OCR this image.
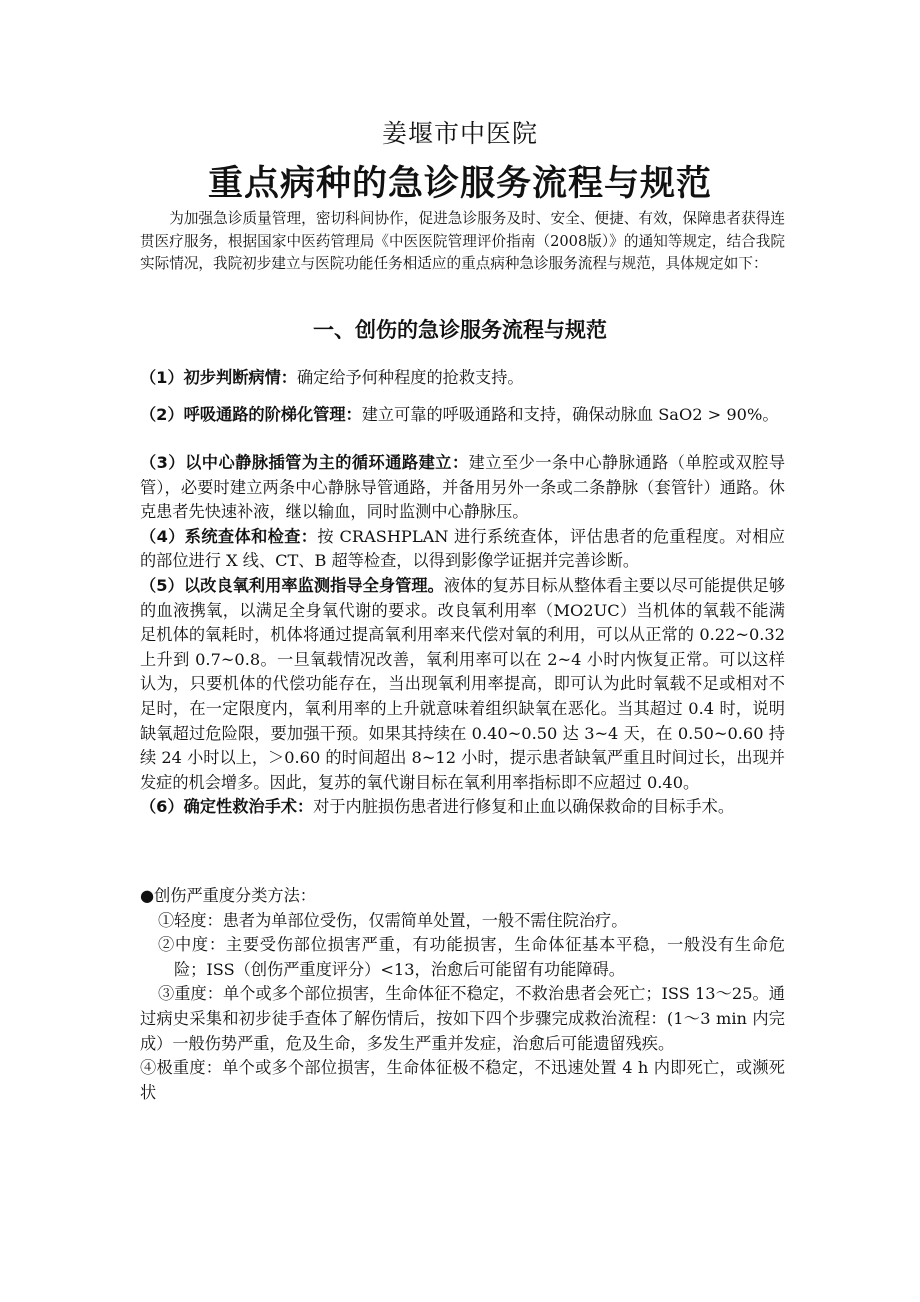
姜堰市中医院
重点病种的急诊服务流程与规范

为加强急诊质量管理，密切科间协作，促进急诊服务及时、安全、便捷、有效，保障患者获得连贯医疗服务，根据国家中医药管理局《中医医院管理评价指南（2008版）》的通知等规定，结合我院实际情况，我院初步建立与医院功能任务相适应的重点病种急诊服务流程与规范，具体规定如下：

一、创伤的急诊服务流程与规范

（1）初步判断病情：确定给予何种程度的抢救支持。

（2）呼吸通路的阶梯化管理：建立可靠的呼吸通路和支持，确保动脉血 SaO2 > 90%。

（3）以中心静脉插管为主的循环通路建立：建立至少一条中心静脉通路（单腔或双腔导管），必要时建立两条中心静脉导管通路，并备用另外一条或二条静脉（套管针）通路。休克患者先快速补液，继以输血，同时监测中心静脉压。

（4）系统查体和检查：按 CRASHPLAN 进行系统查体，评估患者的危重程度。对相应的部位进行 X 线、CT、B 超等检查，以得到影像学证据并完善诊断。

（5）以改良氧利用率监测指导全身管理。液体的复苏目标从整体看主要以尽可能提供足够的血液携氧，以满足全身氧代谢的要求。改良氧利用率（MO2UC）当机体的氧载不能满足机体的氧耗时，机体将通过提高氧利用率来代偿对氧的利用，可以从正常的 0.22~0.32 上升到 0.7~0.8。一旦氧载情况改善，氧利用率可以在 2~4 小时内恢复正常。可以这样认为，只要机体的代偿功能存在，当出现氧利用率提高，即可认为此时氧载不足或相对不足时，在一定限度内，氧利用率的上升就意味着组织缺氧在恶化。当其超过 0.4 时，说明缺氧超过危险限，要加强干预。如果其持续在 0.40~0.50 达 3~4 天，在 0.50~0.60 持续 24 小时以上，＞0.60 的时间超出 8~12 小时，提示患者缺氧严重且时间过长，出现并发症的机会增多。因此，复苏的氧代谢目标在氧利用率指标即不应超过 0.40。

（6）确定性救治手术：对于内脏损伤患者进行修复和止血以确保救命的目标手术。

●创伤严重度分类方法：

①轻度：患者为单部位受伤，仅需简单处置，一般不需住院治疗。

②中度：主要受伤部位损害严重，有功能损害，生命体征基本平稳，一般没有生命危险；ISS（创伤严重度评分）<13，治愈后可能留有功能障碍。

③重度：单个或多个部位损害，生命体征不稳定，不救治患者会死亡；ISS 13～25。通过病史采集和初步徒手查体了解伤情后，按如下四个步骤完成救治流程：(1～3 min 内完成）一般伤势严重，危及生命，多发生严重并发症，治愈后可能遗留残疾。

④极重度：单个或多个部位损害，生命体征极不稳定，不迅速处置 4 h 内即死亡，或濒死状
